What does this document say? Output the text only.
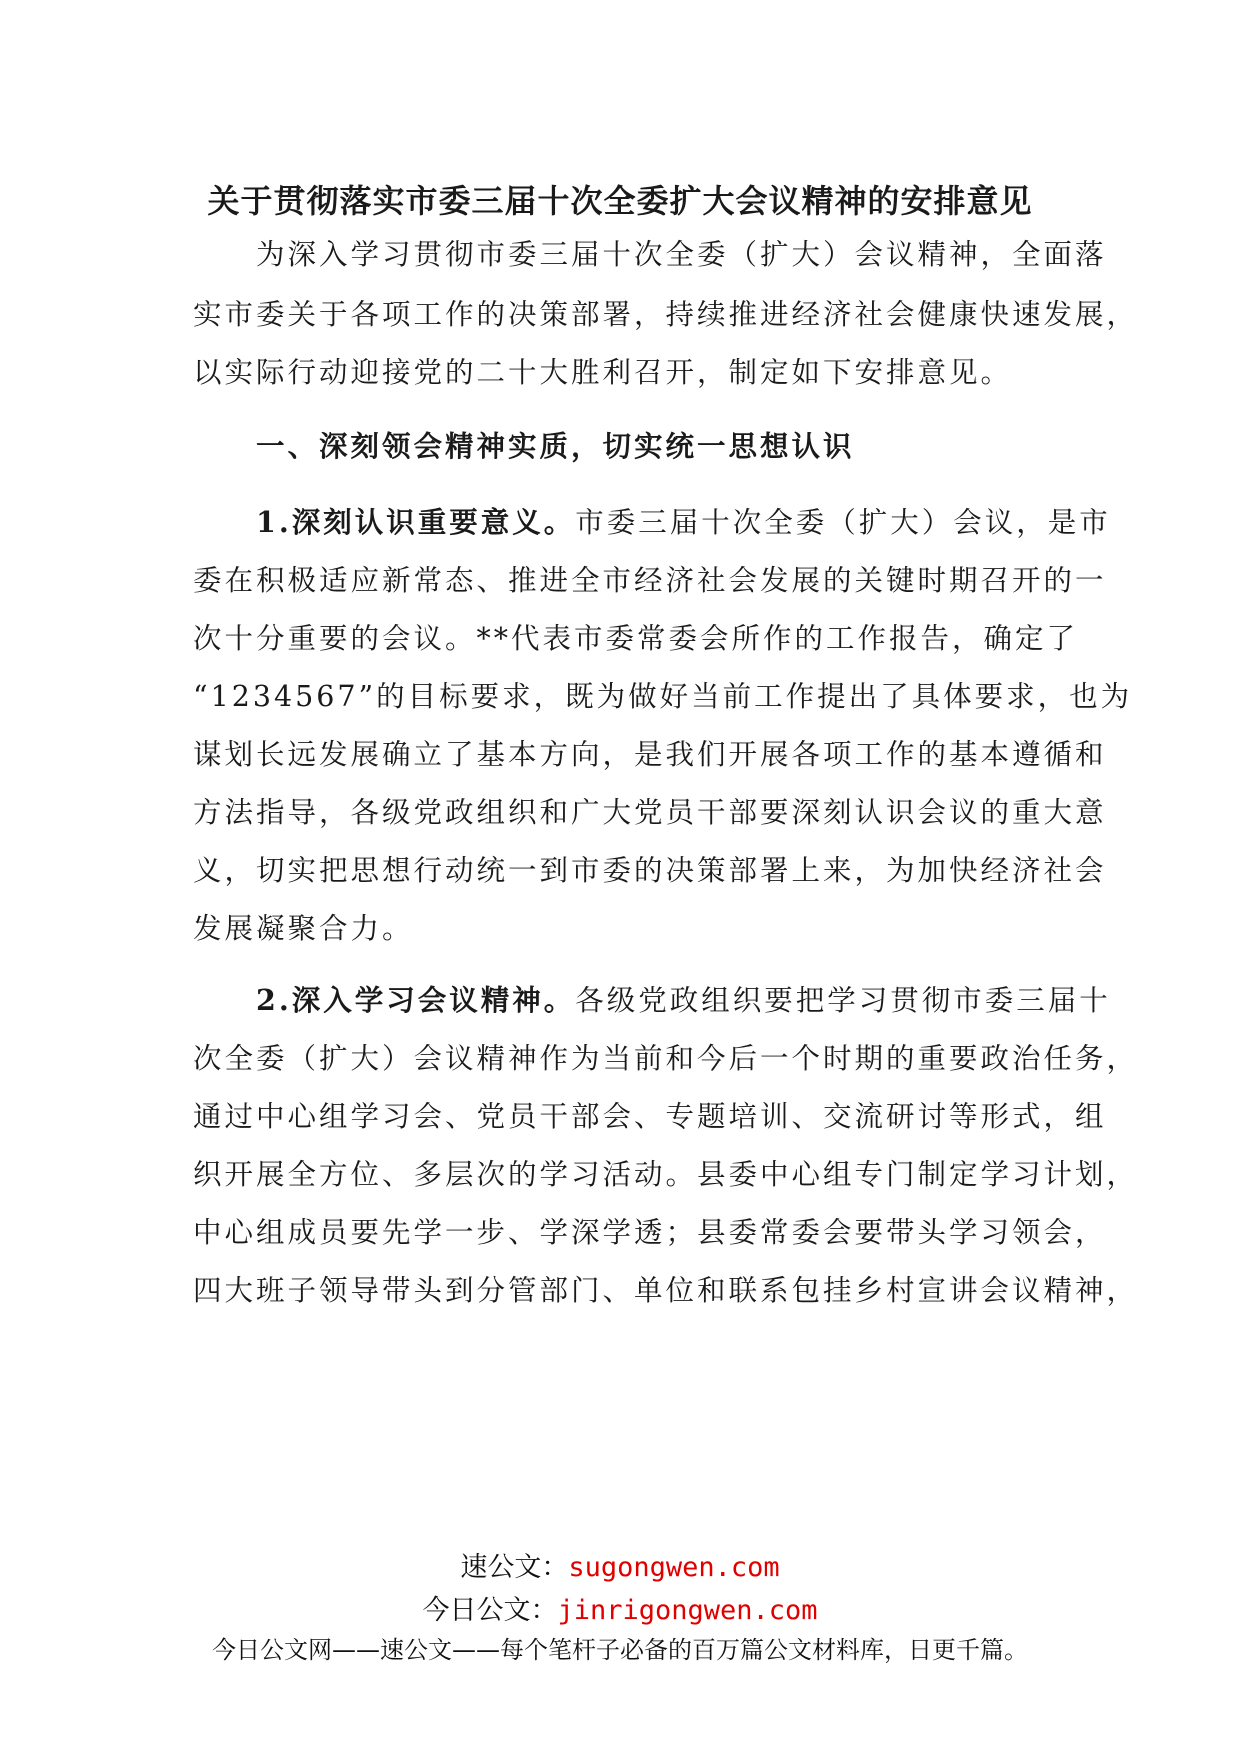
关于贯彻落实市委三届十次全委扩大会议精神的安排意见
　　为深入学习贯彻市委三届十次全委（扩大）会议精神，全面落
实市委关于各项工作的决策部署，持续推进经济社会健康快速发展，
以实际行动迎接党的二十大胜利召开，制定如下安排意见。
　　一、深刻领会精神实质，切实统一思想认识
　　1.深刻认识重要意义。市委三届十次全委（扩大）会议，是市
委在积极适应新常态、推进全市经济社会发展的关键时期召开的一
次十分重要的会议。**代表市委常委会所作的工作报告，确定了
“1234567”的目标要求，既为做好当前工作提出了具体要求，也为
谋划长远发展确立了基本方向，是我们开展各项工作的基本遵循和
方法指导，各级党政组织和广大党员干部要深刻认识会议的重大意
义，切实把思想行动统一到市委的决策部署上来，为加快经济社会
发展凝聚合力。
　　2.深入学习会议精神。各级党政组织要把学习贯彻市委三届十
次全委（扩大）会议精神作为当前和今后一个时期的重要政治任务，
通过中心组学习会、党员干部会、专题培训、交流研讨等形式，组
织开展全方位、多层次的学习活动。县委中心组专门制定学习计划，
中心组成员要先学一步、学深学透；县委常委会要带头学习领会，
四大班子领导带头到分管部门、单位和联系包挂乡村宣讲会议精神，
速公文：sugongwen.com
今日公文：jinrigongwen.com
今日公文网——速公文——每个笔杆子必备的百万篇公文材料库，日更千篇。
